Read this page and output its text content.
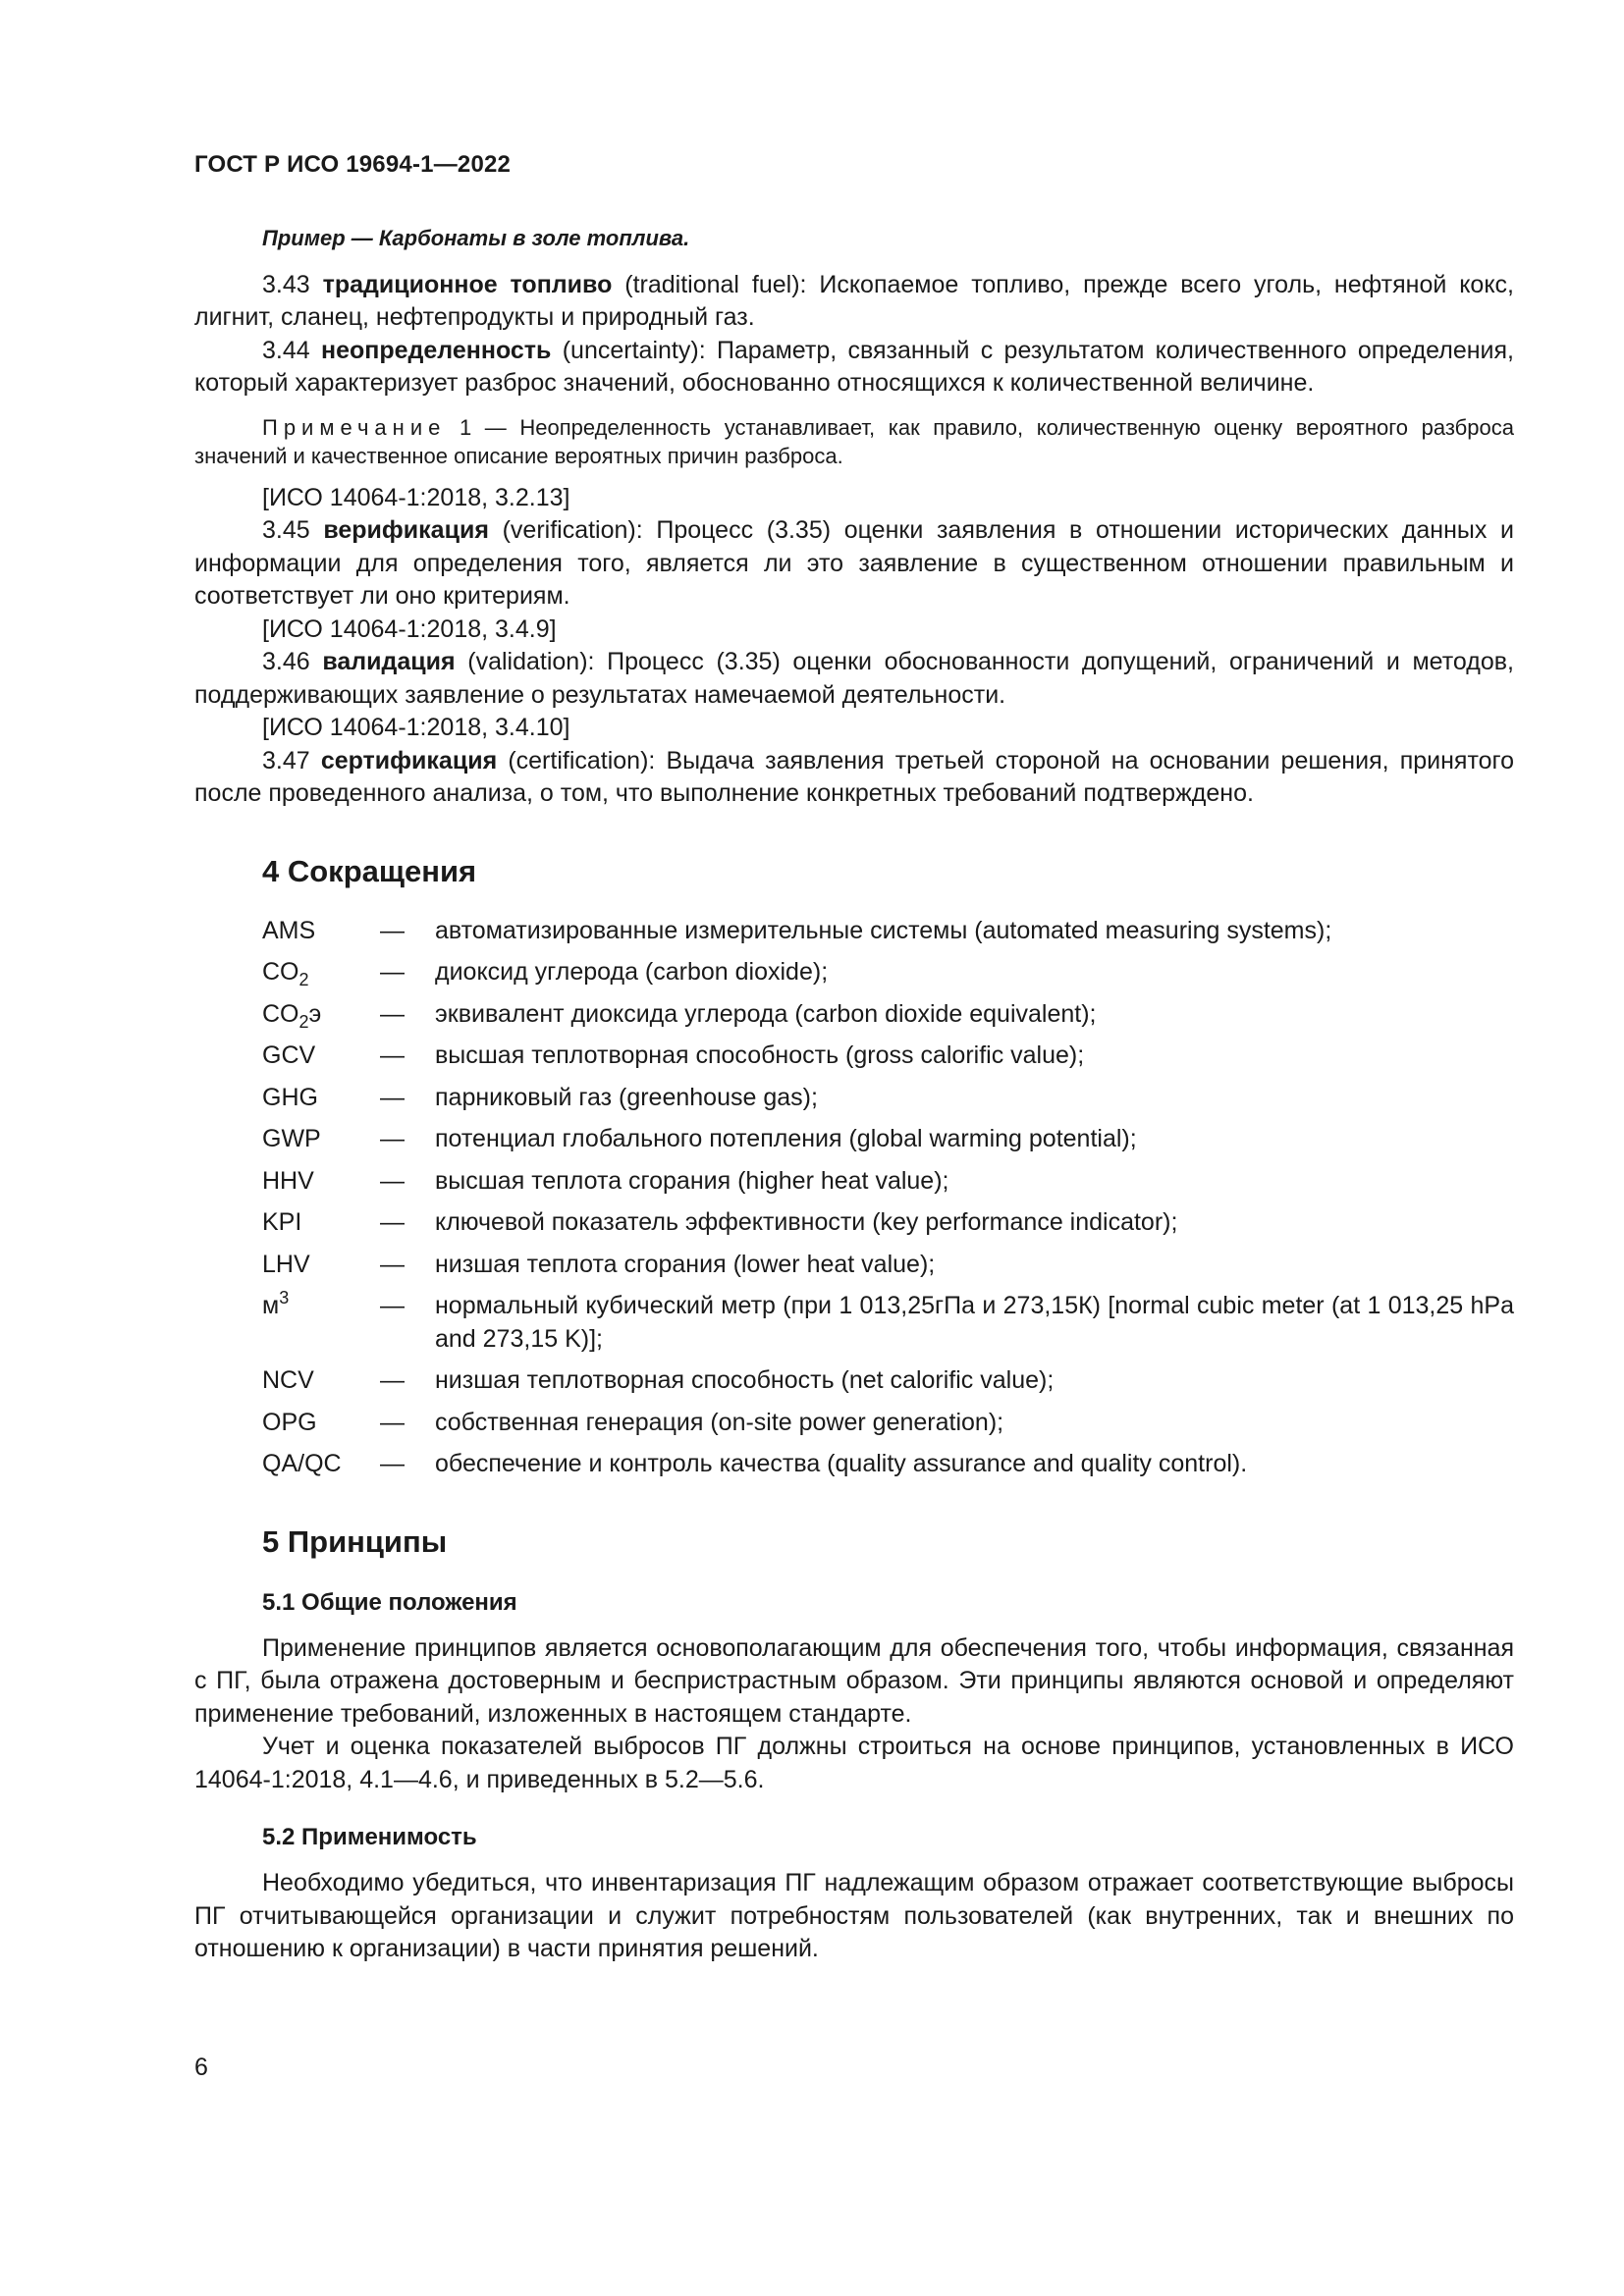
ГОСТ Р ИСО 19694-1—2022

Пример — Карбонаты в золе топлива.

3.43 традиционное топливо (traditional fuel): Ископаемое топливо, прежде всего уголь, нефтяной кокс, лигнит, сланец, нефтепродукты и природный газ.

3.44 неопределенность (uncertainty): Параметр, связанный с результатом количественного определения, который характеризует разброс значений, обоснованно относящихся к количественной величине.

Примечание 1 — Неопределенность устанавливает, как правило, количественную оценку вероятного разброса значений и качественное описание вероятных причин разброса.

[ИСО 14064-1:2018, 3.2.13]

3.45 верификация (verification): Процесс (3.35) оценки заявления в отношении исторических данных и информации для определения того, является ли это заявление в существенном отношении правильным и соответствует ли оно критериям.

[ИСО 14064-1:2018, 3.4.9]

3.46 валидация (validation): Процесс (3.35) оценки обоснованности допущений, ограничений и методов, поддерживающих заявление о результатах намечаемой деятельности.

[ИСО 14064-1:2018, 3.4.10]

3.47 сертификация (certification): Выдача заявления третьей стороной на основании решения, принятого после проведенного анализа, о том, что выполнение конкретных требований подтверждено.

4 Сокращения
AMS	—	автоматизированные измерительные системы (automated measuring systems);
$CO_2$	—	диоксид углерода (carbon dioxide);
$CO_2э$	—	эквивалент диоксида углерода (carbon dioxide equivalent);
GCV	—	высшая теплотворная способность (gross calorific value);
GHG	—	парниковый газ (greenhouse gas);
GWP	—	потенциал глобального потепления (global warming potential);
HHV	—	высшая теплота сгорания (higher heat value);
KPI	—	ключевой показатель эффективности (key performance indicator);
LHV	—	низшая теплота сгорания (lower heat value);
$м^3$	—	нормальный кубический метр (при 1 013,25гПа и 273,15К) [normal cubic meter (at 1 013,25 hPa and 273,15 K)];
NCV	—	низшая теплотворная способность (net calorific value);
OPG	—	собственная генерация (on-site power generation);
QA/QC	—	обеспечение и контроль качества (quality assurance and quality control).
5 Принципы
5.1 Общие положения

Применение принципов является основополагающим для обеспечения того, чтобы информация, связанная с ПГ, была отражена достоверным и беспристрастным образом. Эти принципы являются основой и определяют применение требований, изложенных в настоящем стандарте.

Учет и оценка показателей выбросов ПГ должны строиться на основе принципов, установленных в ИСО 14064-1:2018, 4.1—4.6, и приведенных в 5.2—5.6.

5.2 Применимость

Необходимо убедиться, что инвентаризация ПГ надлежащим образом отражает соответствующие выбросы ПГ отчитывающейся организации и служит потребностям пользователей (как внутренних, так и внешних по отношению к организации) в части принятия решений.

6
